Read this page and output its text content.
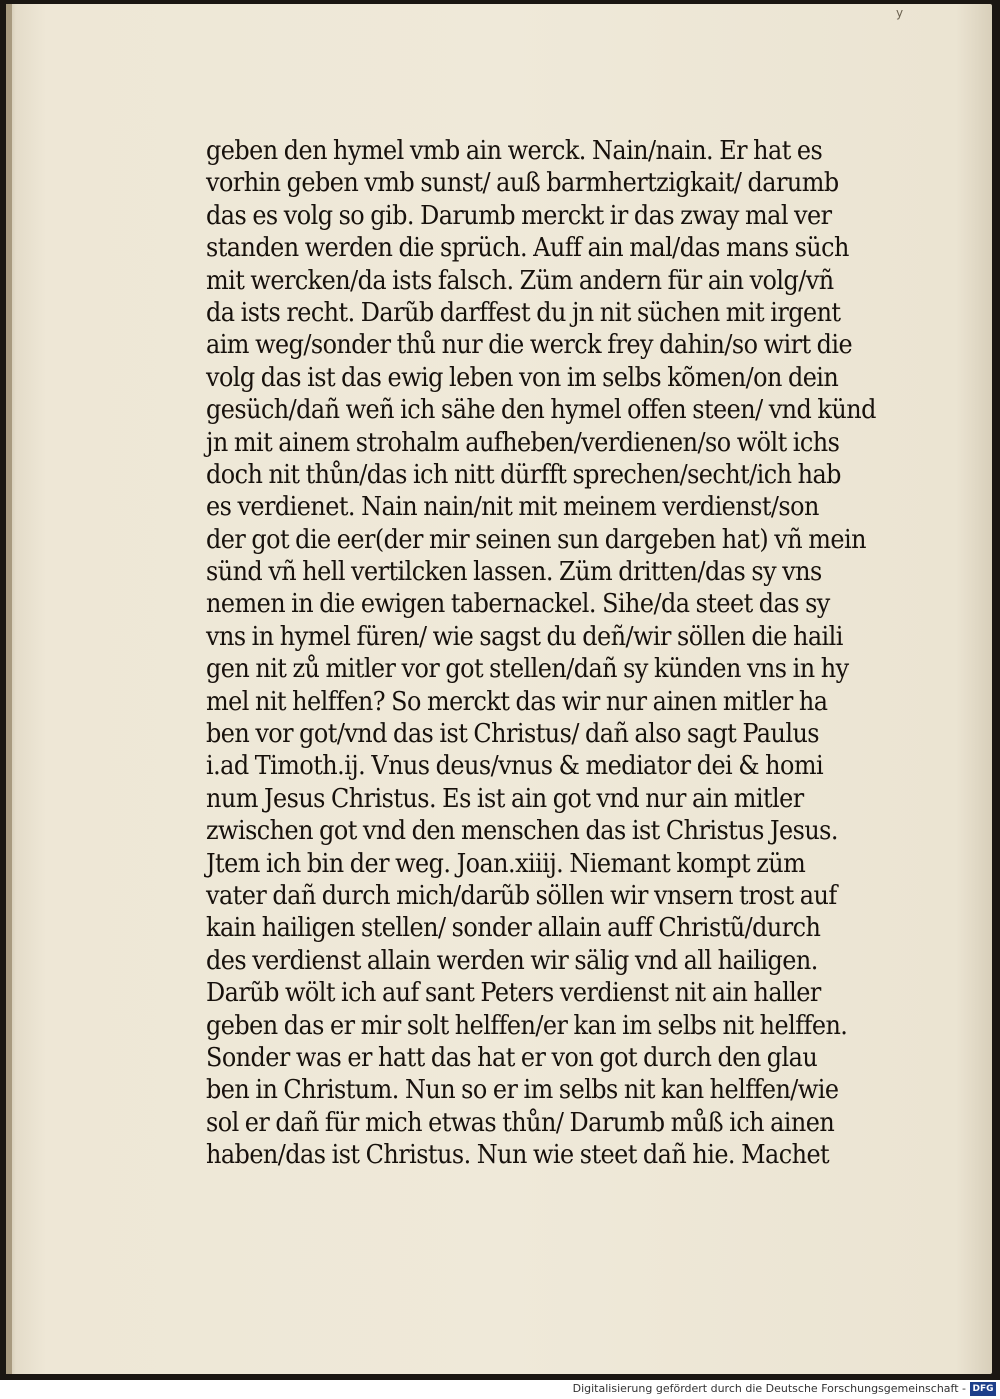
y
geben den hymel vmb ain werck. Nain/nain. Er hat es
vorhin geben vmb sunst/ auß barmhertzigkait/ darumb
das es volg so gib. Darumb merckt ir das zway mal ver
standen werden die sprüch. Auff ain mal/das mans süch
mit wercken/da ists falsch. Züm andern für ain volg/vñ
da ists recht. Darũb darffest du jn nit süchen mit irgent
aim weg/sonder thů nur die werck frey dahin/so wirt die
volg das ist das ewig leben von im selbs kõmen/on dein
gesüch/dañ weñ ich sähe den hymel offen steen/ vnd künd
jn mit ainem strohalm aufheben/verdienen/so wölt ichs
doch nit thůn/das ich nitt dürfft sprechen/secht/ich hab
es verdienet. Nain nain/nit mit meinem verdienst/son
der got die eer(der mir seinen sun dargeben hat) vñ mein
sünd vñ hell vertilcken lassen. Züm dritten/das sy vns
nemen in die ewigen tabernackel. Sihe/da steet das sy
vns in hymel füren/ wie sagst du deñ/wir söllen die haili
gen nit zů mitler vor got stellen/dañ sy künden vns in hy
mel nit helffen? So merckt das wir nur ainen mitler ha
ben vor got/vnd das ist Christus/ dañ also sagt Paulus
i.ad Timoth.ij. Vnus deus/vnus & mediator dei & homi
num Jesus Christus. Es ist ain got vnd nur ain mitler
zwischen got vnd den menschen das ist Christus Jesus.
Jtem ich bin der weg. Joan.xiiij. Niemant kompt züm
vater dañ durch mich/darũb söllen wir vnsern trost auf
kain hailigen stellen/ sonder allain auff Christũ/durch
des verdienst allain werden wir sälig vnd all hailigen.
Darũb wölt ich auf sant Peters verdienst nit ain haller
geben das er mir solt helffen/er kan im selbs nit helffen.
Sonder was er hatt das hat er von got durch den glau
ben in Christum. Nun so er im selbs nit kan helffen/wie
sol er dañ für mich etwas thůn/ Darumb můß ich ainen
haben/das ist Christus. Nun wie steet dañ hie. Machet
Digitalisierung gefördert durch die Deutsche Forschungsgemeinschaft - DFG
